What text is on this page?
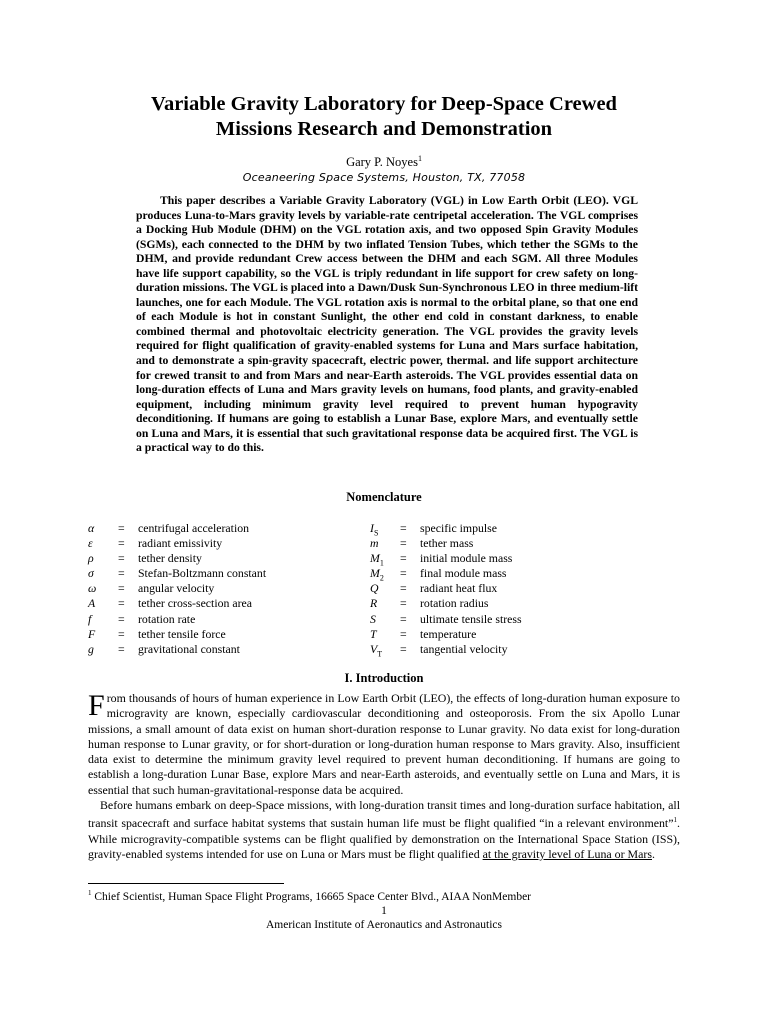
Variable Gravity Laboratory for Deep-Space Crewed
Missions Research and Demonstration
Gary P. Noyes$^1$
Oceaneering Space Systems, Houston, TX, 77058

This paper describes a Variable Gravity Laboratory (VGL) in Low Earth Orbit (LEO). VGL produces Luna-to-Mars gravity levels by variable-rate centripetal acceleration. The VGL comprises a Docking Hub Module (DHM) on the VGL rotation axis, and two opposed Spin Gravity Modules (SGMs), each connected to the DHM by two inflated Tension Tubes, which tether the SGMs to the DHM, and provide redundant Crew access between the DHM and each SGM. All three Modules have life support capability, so the VGL is triply redundant in life support for crew safety on long-duration missions. The VGL is placed into a Dawn/Dusk Sun-Synchronous LEO in three medium-lift launches, one for each Module. The VGL rotation axis is normal to the orbital plane, so that one end of each Module is hot in constant Sunlight, the other end cold in constant darkness, to enable combined thermal and photovoltaic electricity generation. The VGL provides the gravity levels required for flight qualification of gravity-enabled systems for Luna and Mars surface habitation, and to demonstrate a spin-gravity spacecraft, electric power, thermal. and life support architecture for crewed transit to and from Mars and near-Earth asteroids. The VGL provides essential data on long-duration effects of Luna and Mars gravity levels on humans, food plants, and gravity-enabled equipment, including minimum gravity level required to prevent human hypogravity deconditioning. If humans are going to establish a Lunar Base, explore Mars, and eventually settle on Luna and Mars, it is essential that such gravitational response data be acquired first. The VGL is a practical way to do this.

Nomenclature
α = centrifugal acceleration
ε = radiant emissivity
ρ = tether density
σ = Stefan-Boltzmann constant
ω = angular velocity
A = tether cross-section area
f = rotation rate
F = tether tensile force
g = gravitational constant
$I_S$ = specific impulse
m = tether mass
$M_1$ = initial module mass
$M_2$ = final module mass
Q = radiant heat flux
R = rotation radius
S = ultimate tensile stress
T = temperature
$V_T$ = tangential velocity
I. Introduction

From thousands of hours of human experience in Low Earth Orbit (LEO), the effects of long-duration human exposure to microgravity are known, especially cardiovascular deconditioning and osteoporosis. From the six Apollo Lunar missions, a small amount of data exist on human short-duration response to Lunar gravity. No data exist for long-duration human response to Lunar gravity, or for short-duration or long-duration human response to Mars gravity. Also, insufficient data exist to determine the minimum gravity level required to prevent human deconditioning. If humans are going to establish a long-duration Lunar Base, explore Mars and near-Earth asteroids, and eventually settle on Luna and Mars, it is essential that such human-gravitational-response data be acquired.

Before humans embark on deep-Space missions, with long-duration transit times and long-duration surface habitation, all transit spacecraft and surface habitat systems that sustain human life must be flight qualified “in a relevant environment”$^1$. While microgravity-compatible systems can be flight qualified by demonstration on the International Space Station (ISS), gravity-enabled systems intended for use on Luna or Mars must be flight qualified at the gravity level of Luna or Mars.

$^1$ Chief Scientist, Human Space Flight Programs, 16665 Space Center Blvd., AIAA NonMember
1
American Institute of Aeronautics and Astronautics
